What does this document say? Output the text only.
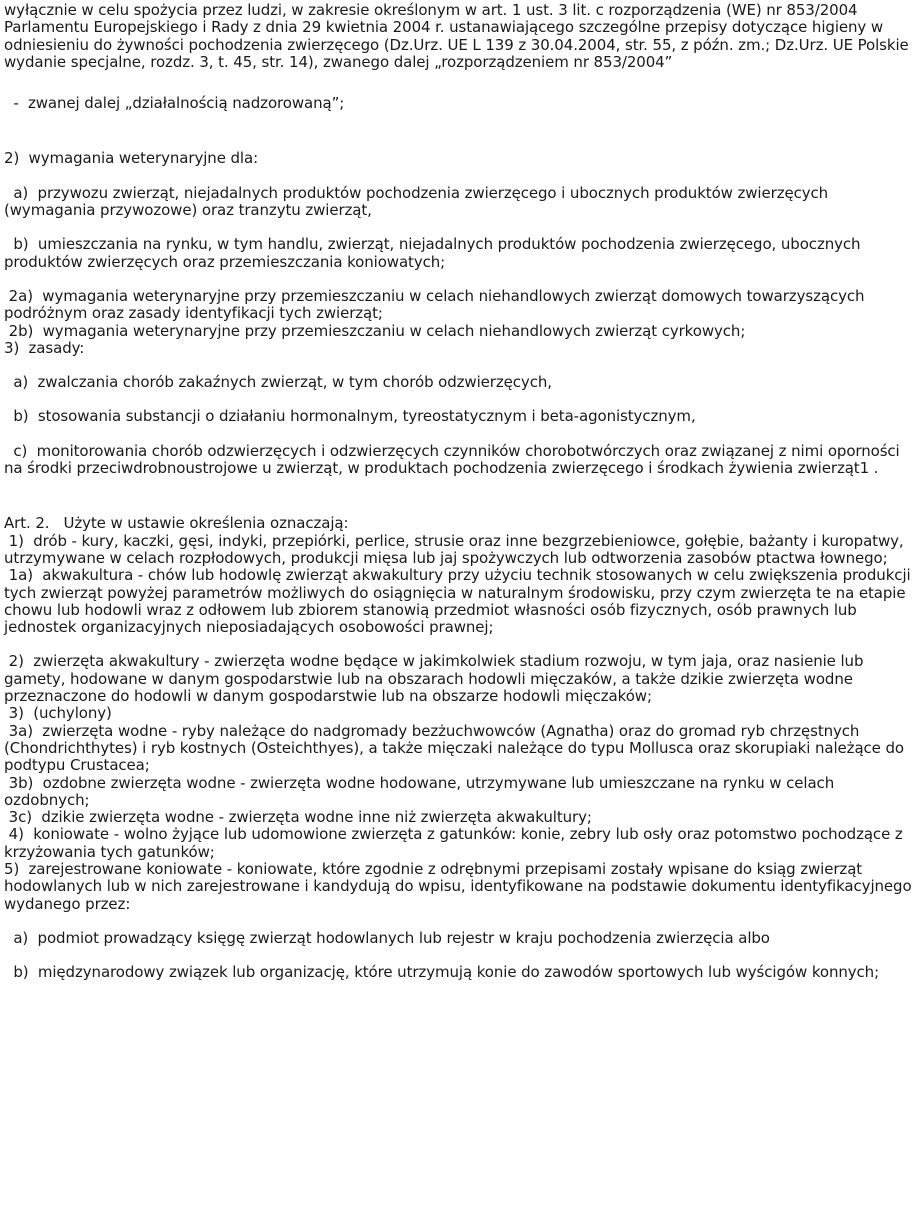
wyłącznie w celu spożycia przez ludzi, w zakresie określonym w art. 1 ust. 3 lit. c rozporządzenia (WE) nr 853/2004 Parlamentu Europejskiego i Rady z dnia 29 kwietnia 2004 r. ustanawiającego szczególne przepisy dotyczące higieny w odniesieniu do żywności pochodzenia zwierzęcego (Dz.Urz. UE L 139 z 30.04.2004, str. 55, z późn. zm.; Dz.Urz. UE Polskie wydanie specjalne, rozdz. 3, t. 45, str. 14), zwanego dalej „rozporządzeniem nr 853/2004”

-  zwanej dalej „działalnością nadzorowaną”;

2)  wymagania weterynaryjne dla:

a)  przywozu zwierząt, niejadalnych produktów pochodzenia zwierzęcego i ubocznych produktów zwierzęcych (wymagania przywozowe) oraz tranzytu zwierząt,

b)  umieszczania na rynku, w tym handlu, zwierząt, niejadalnych produktów pochodzenia zwierzęcego, ubocznych produktów zwierzęcych oraz przemieszczania koniowatych;

2a)  wymagania weterynaryjne przy przemieszczaniu w celach niehandlowych zwierząt domowych towarzyszących podróżnym oraz zasady identyfikacji tych zwierząt;

2b)  wymagania weterynaryjne przy przemieszczaniu w celach niehandlowych zwierząt cyrkowych;

3)  zasady:

a)  zwalczania chorób zakaźnych zwierząt, w tym chorób odzwierzęcych,

b)  stosowania substancji o działaniu hormonalnym, tyreostatycznym i beta-agonistycznym,

c)  monitorowania chorób odzwierzęcych i odzwierzęcych czynników chorobotwórczych oraz związanej z nimi oporności na środki przeciwdrobnoustrojowe u zwierząt, w produktach pochodzenia zwierzęcego i środkach żywienia zwierząt1 .

Art. 2.   Użyte w ustawie określenia oznaczają:

1)  drób - kury, kaczki, gęsi, indyki, przepiórki, perlice, strusie oraz inne bezgrzebieniowce, gołębie, bażanty i kuropatwy, utrzymywane w celach rozpłodowych, produkcji mięsa lub jaj spożywczych lub odtworzenia zasobów ptactwa łownego;

1a)  akwakultura - chów lub hodowlę zwierząt akwakultury przy użyciu technik stosowanych w celu zwiększenia produkcji tych zwierząt powyżej parametrów możliwych do osiągnięcia w naturalnym środowisku, przy czym zwierzęta te na etapie chowu lub hodowli wraz z odłowem lub zbiorem stanowią przedmiot własności osób fizycznych, osób prawnych lub jednostek organizacyjnych nieposiadających osobowości prawnej;

2)  zwierzęta akwakultury - zwierzęta wodne będące w jakimkolwiek stadium rozwoju, w tym jaja, oraz nasienie lub gamety, hodowane w danym gospodarstwie lub na obszarach hodowli mięczaków, a także dzikie zwierzęta wodne przeznaczone do hodowli w danym gospodarstwie lub na obszarze hodowli mięczaków;

3)  (uchylony)

3a)  zwierzęta wodne - ryby należące do nadgromady bezżuchwowców (Agnatha) oraz do gromad ryb chrzęstnych (Chondrichthytes) i ryb kostnych (Osteichthyes), a także mięczaki należące do typu Mollusca oraz skorupiaki należące do podtypu Crustacea;

3b)  ozdobne zwierzęta wodne - zwierzęta wodne hodowane, utrzymywane lub umieszczane na rynku w celach ozdobnych;

3c)  dzikie zwierzęta wodne - zwierzęta wodne inne niż zwierzęta akwakultury;

4)  koniowate - wolno żyjące lub udomowione zwierzęta z gatunków: konie, zebry lub osły oraz potomstwo pochodzące z krzyżowania tych gatunków;

5)  zarejestrowane koniowate - koniowate, które zgodnie z odrębnymi przepisami zostały wpisane do ksiąg zwierząt hodowlanych lub w nich zarejestrowane i kandydują do wpisu, identyfikowane na podstawie dokumentu identyfikacyjnego wydanego przez:

a)  podmiot prowadzący księgę zwierząt hodowlanych lub rejestr w kraju pochodzenia zwierzęcia albo

b)  międzynarodowy związek lub organizację, które utrzymują konie do zawodów sportowych lub wyścigów konnych;
